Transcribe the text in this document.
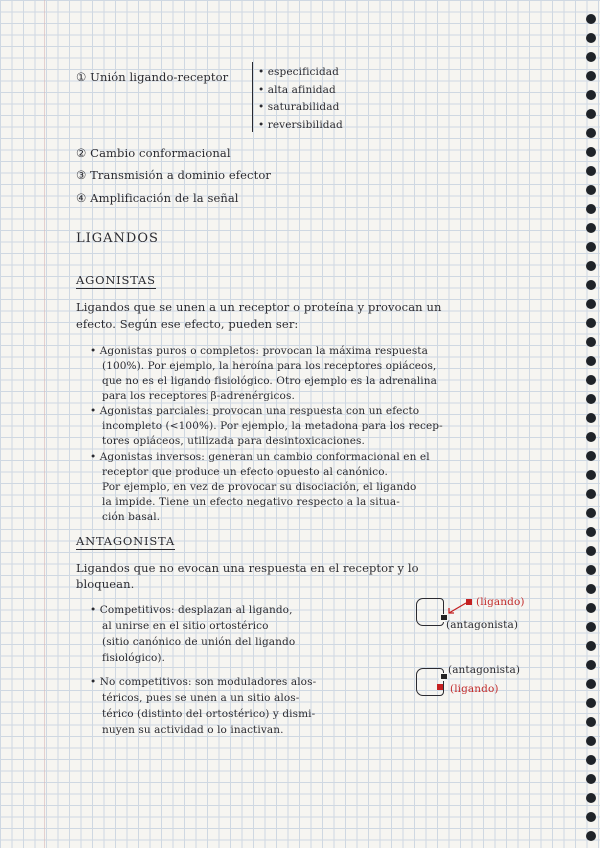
① Unión ligando-receptor	• especificidad
• alta afinidad
• saturabilidad
• reversibilidad
② Cambio conformacional
③ Transmisión a dominio efector
④ Amplificación de la señal
LIGANDOS
AGONISTAS
Ligandos que se unen a un receptor o proteína y provocan un
efecto. Según ese efecto, pueden ser:
• Agonistas puros o completos: provocan la máxima respuesta
(100%). Por ejemplo, la heroína para los receptores opiáceos,
que no es el ligando fisiológico. Otro ejemplo es la adrenalina
para los receptores β-adrenérgicos.
• Agonistas parciales: provocan una respuesta con un efecto
incompleto (<100%). Por ejemplo, la metadona para los recep-
tores opiáceos, utilizada para desintoxicaciones.
• Agonistas inversos: generan un cambio conformacional en el
receptor que produce un efecto opuesto al canónico.
Por ejemplo, en vez de provocar su disociación, el ligando
la impide. Tiene un efecto negativo respecto a la situa-
ción basal.
ANTAGONISTA
Ligandos que no evocan una respuesta en el receptor y lo
bloquean.
• Competitivos: desplazan al ligando,
al unirse en el sitio ortostérico
(sitio canónico de unión del ligando
fisiológico).
• No competitivos: son moduladores alos-
téricos, pues se unen a un sitio alos-
térico (distinto del ortostérico) y dismi-
nuyen su actividad o lo inactivan.
(ligando)
(antagonista)
(antagonista)
(ligando)
